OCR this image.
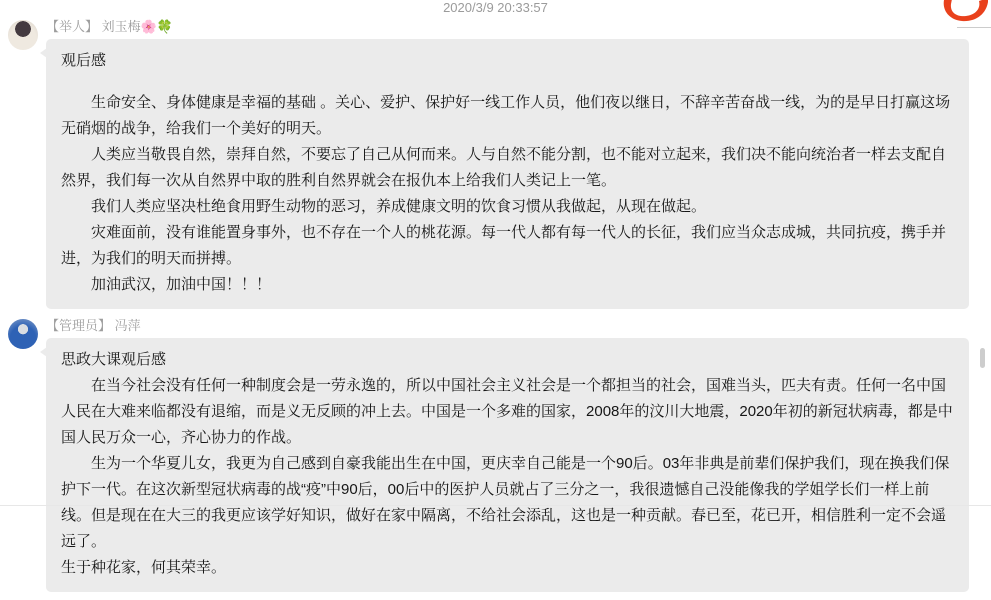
2020/3/9 20:33:57
【举人】 刘玉梅🌸🍀

观后感

　　生命安全、身体健康是幸福的基础 。关心、爱护、保护好一线工作人员，他们夜以继日，不辞辛苦奋战一线，为的是早日打赢这场无硝烟的战争，给我们一个美好的明天。

　　人类应当敬畏自然，崇拜自然，不要忘了自己从何而来。人与自然不能分割，也不能对立起来，我们决不能向统治者一样去支配自然界，我们每一次从自然界中取的胜利自然界就会在报仇本上给我们人类记上一笔。

　　我们人类应坚决杜绝食用野生动物的恶习，养成健康文明的饮食习惯从我做起，从现在做起。

　　灾难面前，没有谁能置身事外，也不存在一个人的桃花源。每一代人都有每一代人的长征，我们应当众志成城，共同抗疫，携手并进，为我们的明天而拼搏。

　　加油武汉，加油中国！！！

【管理员】 冯萍

思政大课观后感

　　在当今社会没有任何一种制度会是一劳永逸的，所以中国社会主义社会是一个都担当的社会，国难当头，匹夫有责。任何一名中国人民在大难来临都没有退缩，而是义无反顾的冲上去。中国是一个多难的国家，2008年的汶川大地震，2020年初的新冠状病毒，都是中国人民万众一心，齐心协力的作战。

　　生为一个华夏儿女，我更为自己感到自豪我能出生在中国，更庆幸自己能是一个90后。03年非典是前辈们保护我们，现在换我们保护下一代。在这次新型冠状病毒的战“疫”中90后，00后中的医护人员就占了三分之一，我很遗憾自己没能像我的学姐学长们一样上前线。但是现在在大三的我更应该学好知识，做好在家中隔离，不给社会添乱，这也是一种贡献。春已至，花已开，相信胜利一定不会遥远了。

生于种花家，何其荣幸。
